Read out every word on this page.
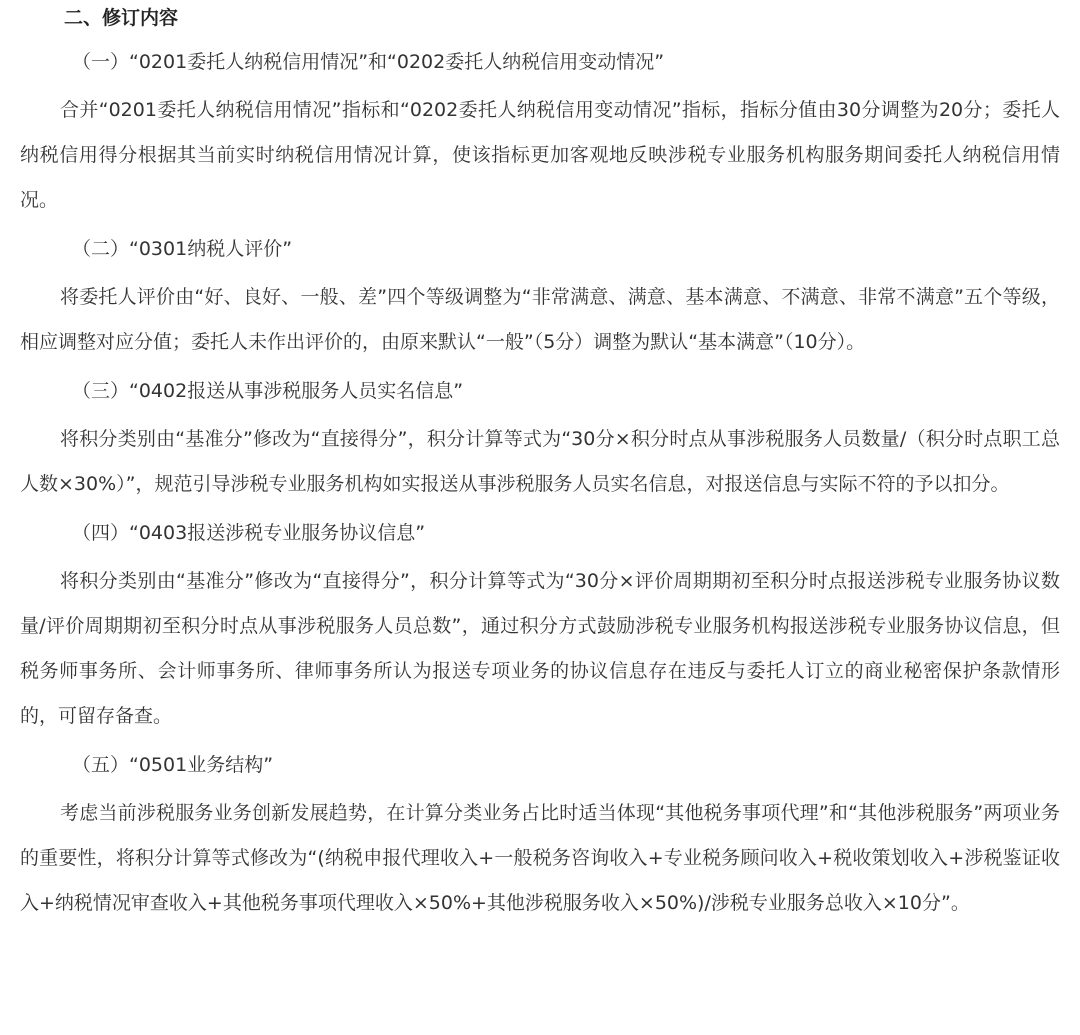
二、修订内容

（一）“0201委托人纳税信用情况”和“0202委托人纳税信用变动情况”

合并“0201委托人纳税信用情况”指标和“0202委托人纳税信用变动情况”指标，指标分值由30分调整为20分；委托人纳税信用得分根据其当前实时纳税信用情况计算，使该指标更加客观地反映涉税专业服务机构服务期间委托人纳税信用情况。

（二）“0301纳税人评价”

将委托人评价由“好、良好、一般、差”四个等级调整为“非常满意、满意、基本满意、不满意、非常不满意”五个等级，相应调整对应分值；委托人未作出评价的，由原来默认“一般”（5分）调整为默认“基本满意”（10分）。

（三）“0402报送从事涉税服务人员实名信息”

将积分类别由“基准分”修改为“直接得分”，积分计算等式为“30分×积分时点从事涉税服务人员数量/（积分时点职工总人数×30%）”，规范引导涉税专业服务机构如实报送从事涉税服务人员实名信息，对报送信息与实际不符的予以扣分。

（四）“0403报送涉税专业服务协议信息”

将积分类别由“基准分”修改为“直接得分”，积分计算等式为“30分×评价周期期初至积分时点报送涉税专业服务协议数量/评价周期期初至积分时点从事涉税服务人员总数”，通过积分方式鼓励涉税专业服务机构报送涉税专业服务协议信息，但税务师事务所、会计师事务所、律师事务所认为报送专项业务的协议信息存在违反与委托人订立的商业秘密保护条款情形的，可留存备查。

（五）“0501业务结构”

考虑当前涉税服务业务创新发展趋势，在计算分类业务占比时适当体现“其他税务事项代理”和“其他涉税服务”两项业务的重要性，将积分计算等式修改为“(纳税申报代理收入+一般税务咨询收入+专业税务顾问收入+税收策划收入+涉税鉴证收入+纳税情况审查收入+其他税务事项代理收入×50%+其他涉税服务收入×50%)/涉税专业服务总收入×10分”。
